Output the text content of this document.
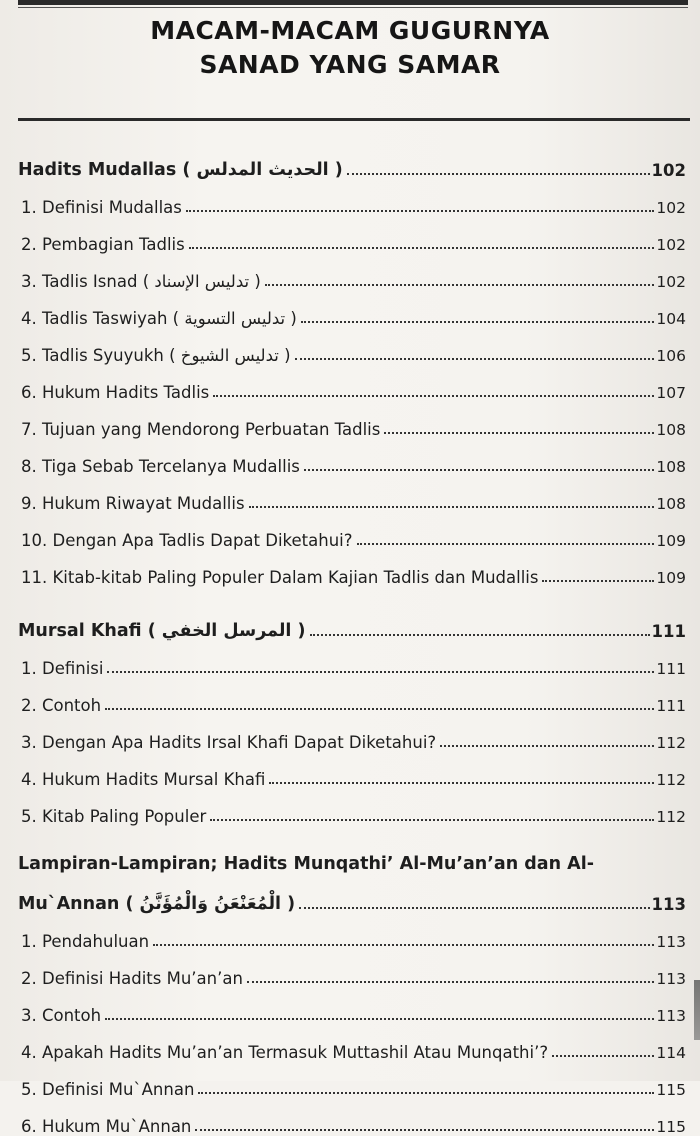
MACAM-MACAM GUGURNYA
SANAD YANG SAMAR
Hadits Mudallas ( الحديث المدلس )	102
1. Definisi Mudallas	102
2. Pembagian Tadlis	102
3. Tadlis Isnad ( تدليس الإسناد )	102
4. Tadlis Taswiyah ( تدليس التسوية )	104
5. Tadlis Syuyukh ( تدليس الشيوخ )	106
6. Hukum Hadits Tadlis	107
7. Tujuan yang Mendorong Perbuatan Tadlis	108
8. Tiga Sebab Tercelanya Mudallis	108
9. Hukum Riwayat Mudallis	108
10. Dengan Apa Tadlis Dapat Diketahui?	109
11. Kitab-kitab Paling Populer Dalam Kajian Tadlis dan Mudallis	109
Mursal Khafi ( المرسل الخفي )	111
1. Definisi	111
2. Contoh	111
3. Dengan Apa Hadits Irsal Khafi Dapat Diketahui?	112
4. Hukum Hadits Mursal Khafi	112
5. Kitab Paling Populer	112
Lampiran-Lampiran; Hadits Munqathi’ Al-Mu’an’an dan Al-
Mu`Annan ( الْمُعَنْعَنُ وَالْمُؤَنَّنُ )	113
1. Pendahuluan	113
2. Definisi Hadits Mu’an’an	113
3. Contoh	113
4. Apakah Hadits Mu’an’an Termasuk Muttashil Atau Munqathi’?	114
5. Definisi Mu`Annan	115
6. Hukum Mu`Annan	115
